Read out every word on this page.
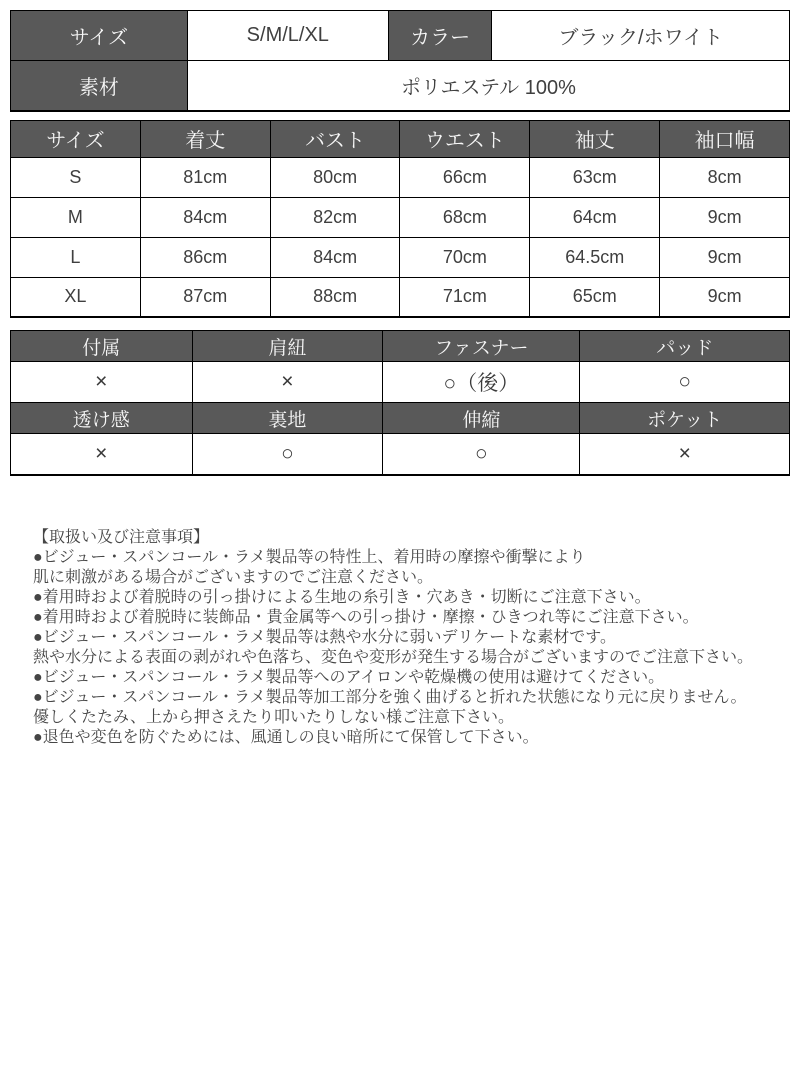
サイズ	S/M/L/XL	カラー	ブラック/ホワイト
素材	ポリエステル 100%		
サイズ	着丈	バスト	ウエスト	袖丈	袖口幅
S	81cm	80cm	66cm	63cm	8cm
M	84cm	82cm	68cm	64cm	9cm
L	86cm	84cm	70cm	64.5cm	9cm
XL	87cm	88cm	71cm	65cm	9cm
付属	肩紐	ファスナー	パッド
×	×	○（後）	○
透け感	裏地	伸縮	ポケット
×	○	○	×

【取扱い及び注意事項】

●ビジュー・スパンコール・ラメ製品等の特性上、着用時の摩擦や衝撃により

肌に刺激がある場合がございますのでご注意ください。

●着用時および着脱時の引っ掛けによる生地の糸引き・穴あき・切断にご注意下さい。

●着用時および着脱時に装飾品・貴金属等への引っ掛け・摩擦・ひきつれ等にご注意下さい。

●ビジュー・スパンコール・ラメ製品等は熱や水分に弱いデリケートな素材です。

熱や水分による表面の剥がれや色落ち、変色や変形が発生する場合がございますのでご注意下さい。

●ビジュー・スパンコール・ラメ製品等へのアイロンや乾燥機の使用は避けてください。

●ビジュー・スパンコール・ラメ製品等加工部分を強く曲げると折れた状態になり元に戻りません。

優しくたたみ、上から押さえたり叩いたりしない様ご注意下さい。

●退色や変色を防ぐためには、風通しの良い暗所にて保管して下さい。
